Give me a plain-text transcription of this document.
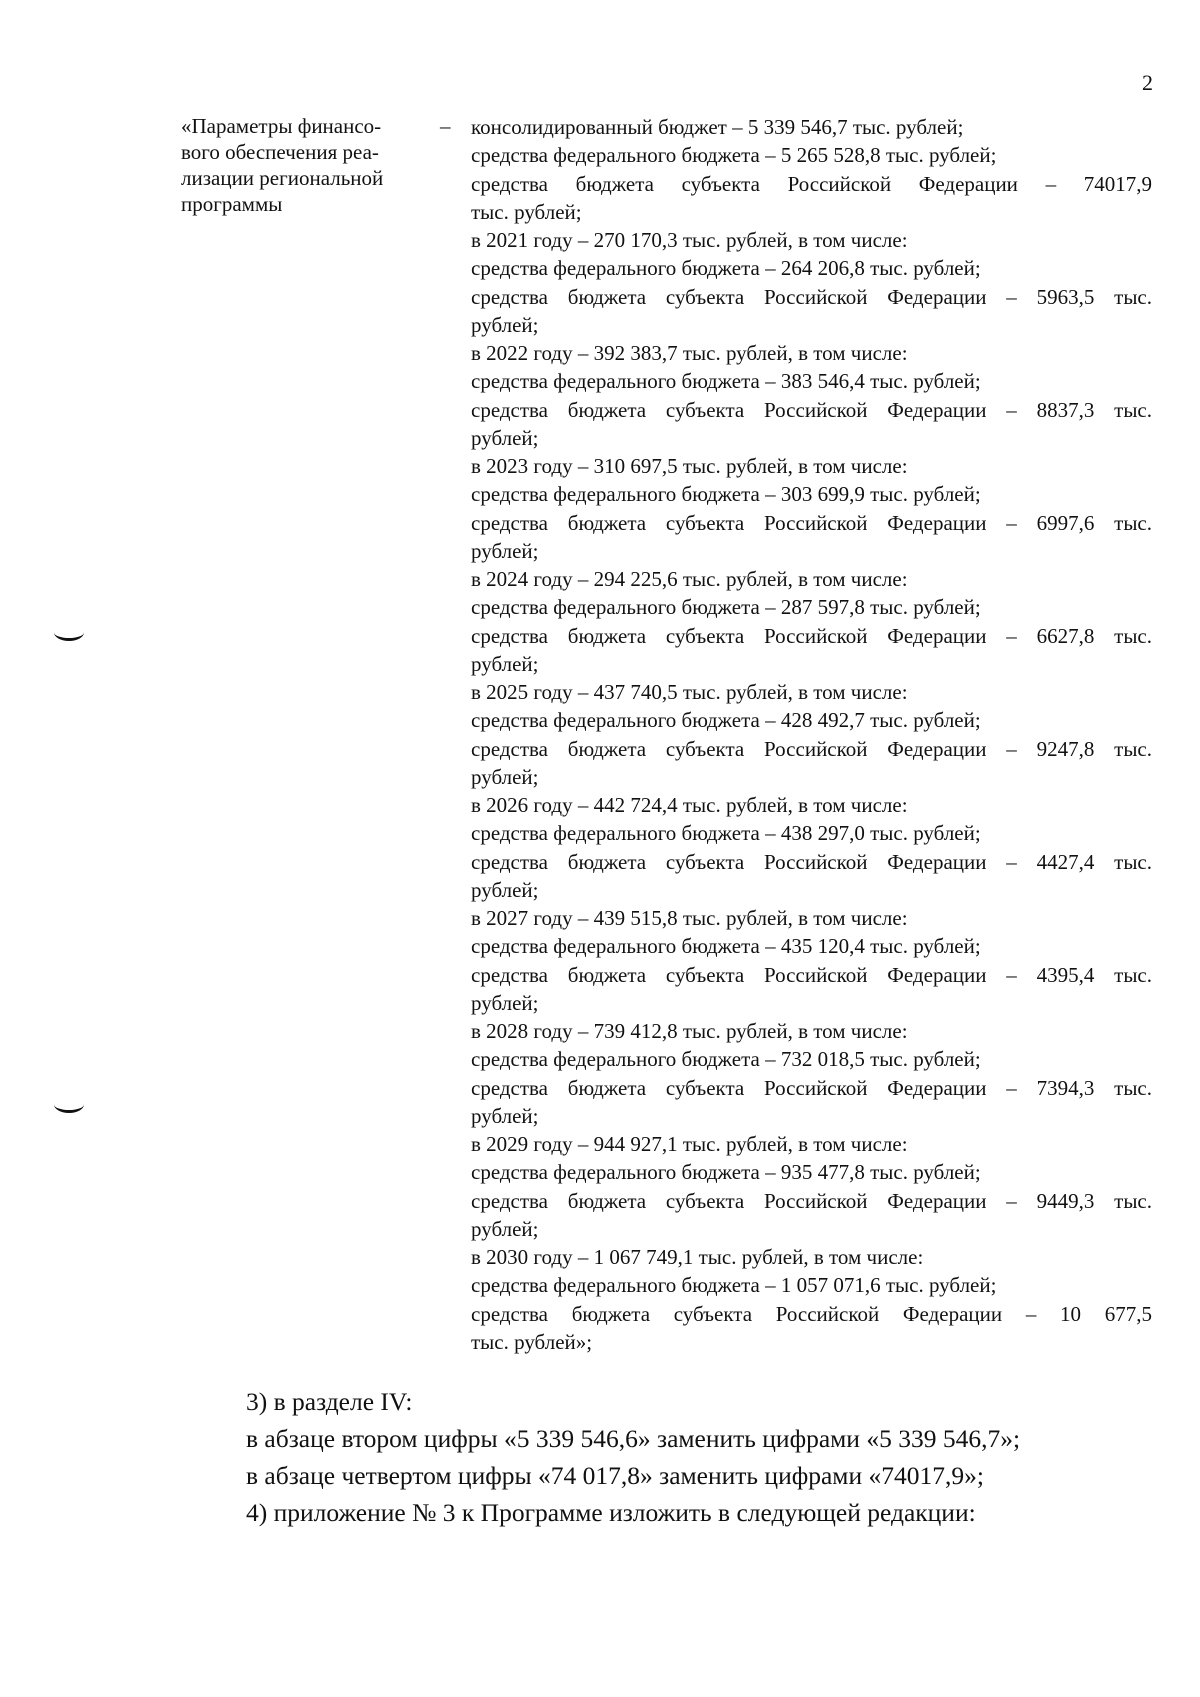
2
«Параметры финансо-
вого обеспечения реа-
лизации региональной
программы
– консолидированный бюджет – 5 339 546,7 тыс. рублей;
средства федерального бюджета – 5 265 528,8 тыс. рублей;
средства бюджета субъекта Российской Федерации – 74017,9
тыс. рублей;
в 2021 году – 270 170,3 тыс. рублей, в том числе:
средства федерального бюджета – 264 206,8 тыс. рублей;
средства бюджета субъекта Российской Федерации – 5963,5 тыс.
рублей;
в 2022 году – 392 383,7 тыс. рублей, в том числе:
средства федерального бюджета – 383 546,4 тыс. рублей;
средства бюджета субъекта Российской Федерации – 8837,3 тыс.
рублей;
в 2023 году – 310 697,5 тыс. рублей, в том числе:
средства федерального бюджета – 303 699,9 тыс. рублей;
средства бюджета субъекта Российской Федерации – 6997,6 тыс.
рублей;
в 2024 году – 294 225,6 тыс. рублей, в том числе:
средства федерального бюджета – 287 597,8 тыс. рублей;
средства бюджета субъекта Российской Федерации – 6627,8 тыс.
рублей;
в 2025 году – 437 740,5 тыс. рублей, в том числе:
средства федерального бюджета – 428 492,7 тыс. рублей;
средства бюджета субъекта Российской Федерации – 9247,8 тыс.
рублей;
в 2026 году – 442 724,4 тыс. рублей, в том числе:
средства федерального бюджета – 438 297,0 тыс. рублей;
средства бюджета субъекта Российской Федерации – 4427,4 тыс.
рублей;
в 2027 году – 439 515,8 тыс. рублей, в том числе:
средства федерального бюджета – 435 120,4 тыс. рублей;
средства бюджета субъекта Российской Федерации – 4395,4 тыс.
рублей;
в 2028 году – 739 412,8 тыс. рублей, в том числе:
средства федерального бюджета – 732 018,5 тыс. рублей;
средства бюджета субъекта Российской Федерации – 7394,3 тыс.
рублей;
в 2029 году – 944 927,1 тыс. рублей, в том числе:
средства федерального бюджета – 935 477,8 тыс. рублей;
средства бюджета субъекта Российской Федерации – 9449,3 тыс.
рублей;
в 2030 году – 1 067 749,1 тыс. рублей, в том числе:
средства федерального бюджета – 1 057 071,6 тыс. рублей;
средства бюджета субъекта Российской Федерации – 10 677,5
тыс. рублей»;
3) в разделе IV:
в абзаце втором цифры «5 339 546,6» заменить цифрами «5 339 546,7»;
в абзаце четвертом цифры «74 017,8» заменить цифрами «74017,9»;
4) приложение № 3 к Программе изложить в следующей редакции:
